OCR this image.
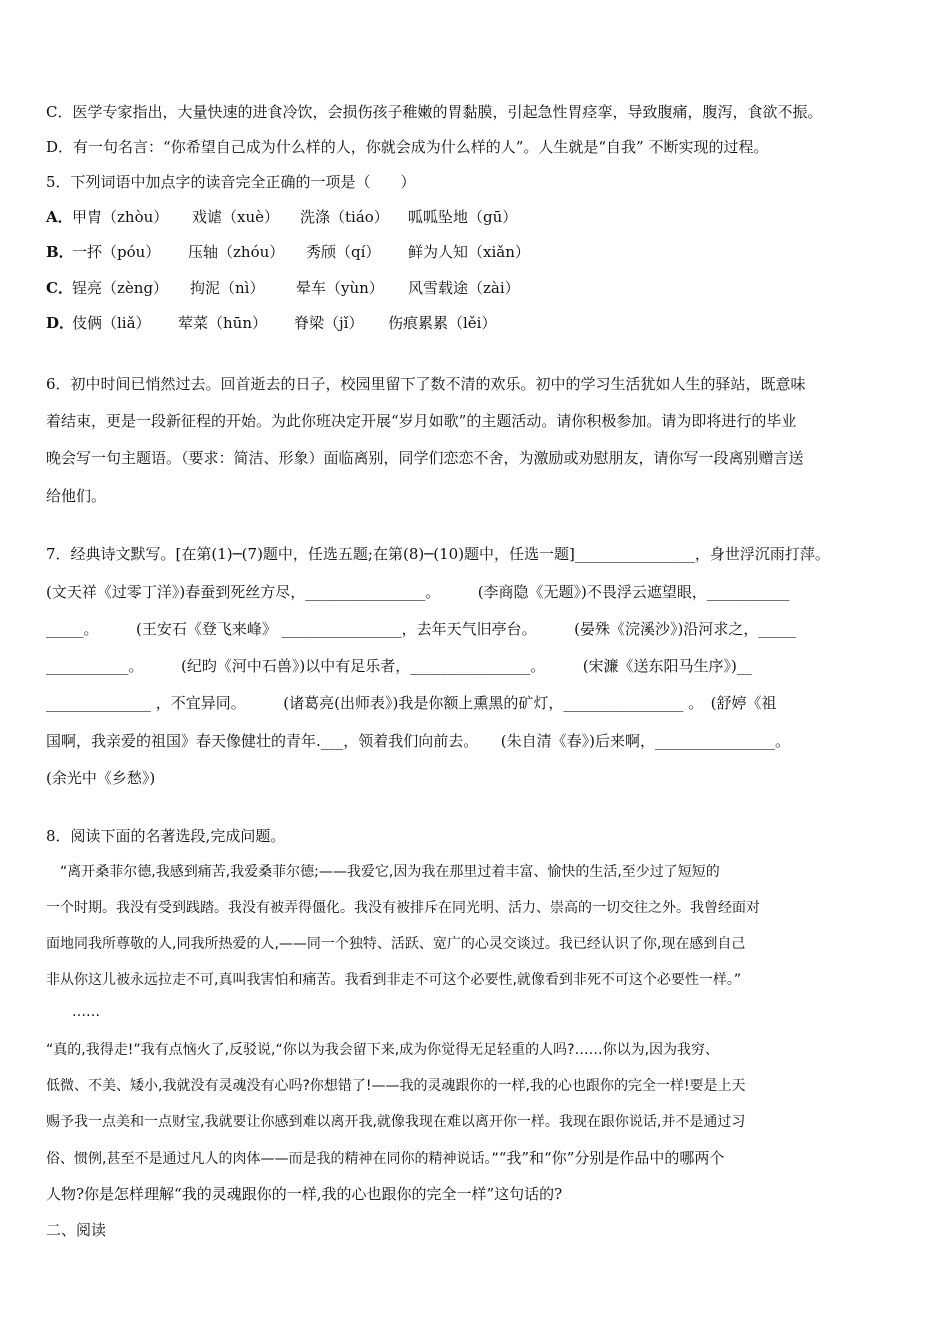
C．医学专家指出，大量快速的进食冷饮，会损伤孩子稚嫩的胃黏膜，引起急性胃痉挛，导致腹痛，腹泻，食欲不振。
D．有一句名言：“你希望自己成为什么样的人，你就会成为什么样的人”。人生就是“自我” 不断实现的过程。
5．下列词语中加点字的读音完全正确的一项是（　　）
A．甲胄（zhòu） 戏谑（xuè） 洗涤（tiáo） 呱呱坠地（gū）
B．一抔（póu） 压轴（zhóu） 秀颀（qí） 鲜为人知（xiǎn）
C．锃亮（zèng） 拘泥（nì） 晕车（yùn） 风雪载途（zài）
D．伎俩（liǎ） 荤菜（hūn） 脊梁（jǐ） 伤痕累累（lěi）
6．初中时间已悄然过去。回首逝去的日子，校园里留下了数不清的欢乐。初中的学习生活犹如人生的驿站，既意味
着结束，更是一段新征程的开始。为此你班决定开展“岁月如歌”的主题活动。请你积极参加。请为即将进行的毕业
晚会写一句主题语。（要求：简洁、形象）面临离别，同学们恋恋不舍，为激励或劝慰朋友，请你写一段离别赠言送
给他们。
7．经典诗文默写。[在第(1)─(7)题中，任选五题;在第(8)─(10)题中，任选一题]________________，身世浮沉雨打萍。
(文天祥《过零丁洋》)春蚕到死丝方尽，________________。　　　(李商隐《无题》)不畏浮云遮望眼，___________
_____。　　　(王安石《登飞来峰》 ________________，去年天气旧亭台。　　　(晏殊《浣溪沙》)沿河求之，_____
___________。　　　(纪昀《河中石兽》)以中有足乐者，________________。　　　(宋濂《送东阳马生序》)__
______________ ，不宜异同。　　　(诸葛亮(出师表》)我是你额上熏黑的矿灯，________________ 。　(舒婷《祖
国啊，我亲爱的祖国》春天像健壮的青年.___，领着我们向前去。　　(朱自清《春》)后来啊，________________。
(余光中《乡愁》)
8．阅读下面的名著选段,完成问题。
　“离开桑菲尔德,我感到痛苦,我爱桑菲尔德;——我爱它,因为我在那里过着丰富、愉快的生活,至少过了短短的
一个时期。我没有受到践踏。我没有被弄得僵化。我没有被排斥在同光明、活力、崇高的一切交往之外。我曾经面对
面地同我所尊敬的人,同我所热爱的人,——同一个独特、活跃、宽广的心灵交谈过。我已经认识了你,现在感到自己
非从你这儿被永远拉走不可,真叫我害怕和痛苦。我看到非走不可这个必要性,就像看到非死不可这个必要性一样。”
　……
“真的,我得走!”我有点恼火了,反驳说,“你以为我会留下来,成为你觉得无足轻重的人吗?……你以为,因为我穷、
低微、不美、矮小,我就没有灵魂没有心吗?你想错了!——我的灵魂跟你的一样,我的心也跟你的完全一样!要是上天
赐予我一点美和一点财宝,我就要让你感到难以离开我,就像我现在难以离开你一样。我现在跟你说话,并不是通过习
俗、惯例,甚至不是通过凡人的肉体——而是我的精神在同你的精神说话。”“我”和“你”分别是作品中的哪两个
人物?你是怎样理解“我的灵魂跟你的一样,我的心也跟你的完全一样”这句话的?
二、阅读
